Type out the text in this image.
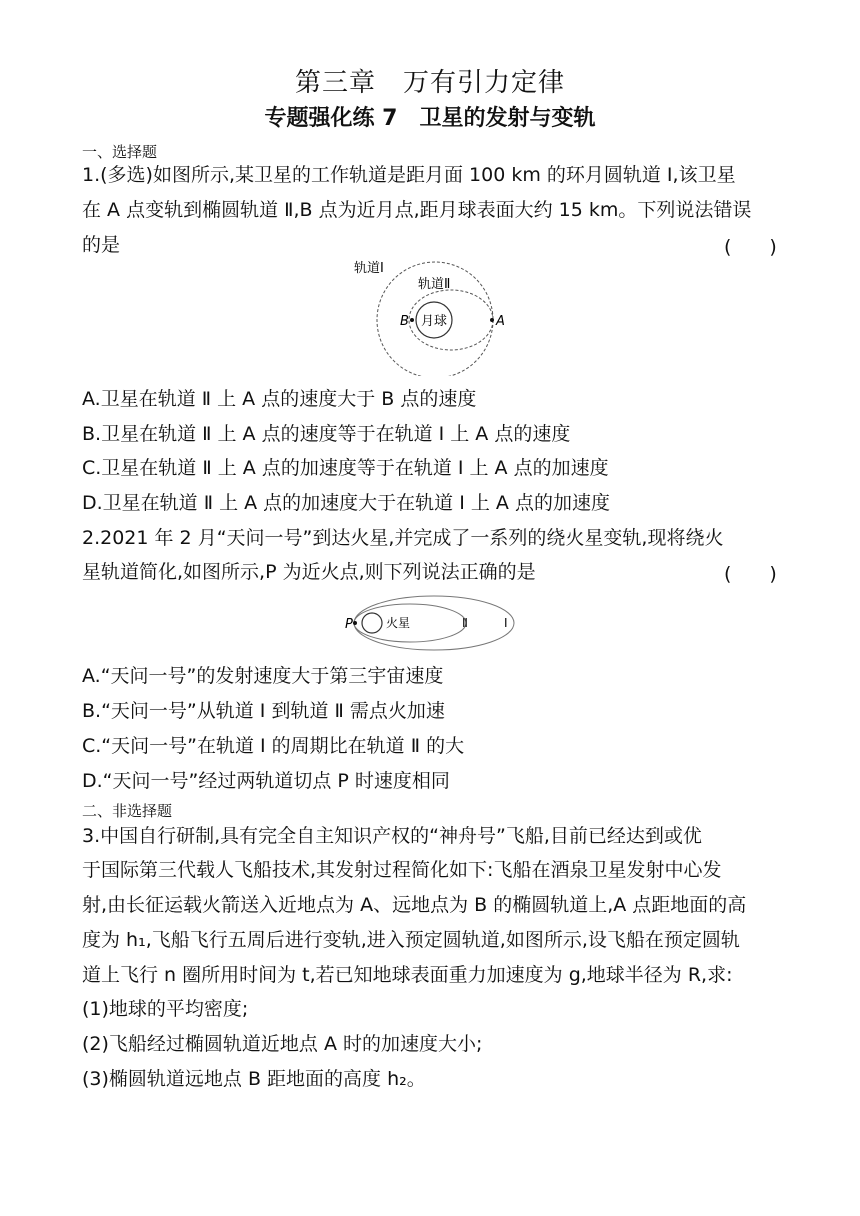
第三章　万有引力定律
专题强化练 7　卫星的发射与变轨
一、选择题
1.(多选)如图所示,某卫星的工作轨道是距月面 100 km 的环月圆轨道 Ⅰ,该卫星
在 A 点变轨到椭圆轨道 Ⅱ,B 点为近月点,距月球表面大约 15 km。下列说法错误
的是	(　　)
月球
B	A
轨道Ⅰ
轨道Ⅱ
A.卫星在轨道 Ⅱ 上 A 点的速度大于 B 点的速度
B.卫星在轨道 Ⅱ 上 A 点的速度等于在轨道 Ⅰ 上 A 点的速度
C.卫星在轨道 Ⅱ 上 A 点的加速度等于在轨道 Ⅰ 上 A 点的加速度
D.卫星在轨道 Ⅱ 上 A 点的加速度大于在轨道 Ⅰ 上 A 点的加速度
2.2021 年 2 月“天问一号”到达火星,并完成了一系列的绕火星变轨,现将绕火
星轨道简化,如图所示,P 为近火点,则下列说法正确的是	(　　)
P	火星	Ⅱ	Ⅰ
A.“天问一号”的发射速度大于第三宇宙速度
B.“天问一号”从轨道 Ⅰ 到轨道 Ⅱ 需点火加速
C.“天问一号”在轨道 Ⅰ 的周期比在轨道 Ⅱ 的大
D.“天问一号”经过两轨道切点 P 时速度相同
二、非选择题
3.中国自行研制,具有完全自主知识产权的“神舟号”飞船,目前已经达到或优
于国际第三代载人飞船技术,其发射过程简化如下:飞船在酒泉卫星发射中心发
射,由长征运载火箭送入近地点为 A、远地点为 B 的椭圆轨道上,A 点距地面的高
度为 h₁,飞船飞行五周后进行变轨,进入预定圆轨道,如图所示,设飞船在预定圆轨
道上飞行 n 圈所用时间为 t,若已知地球表面重力加速度为 g,地球半径为 R,求:
(1)地球的平均密度;
(2)飞船经过椭圆轨道近地点 A 时的加速度大小;
(3)椭圆轨道远地点 B 距地面的高度 h₂。
